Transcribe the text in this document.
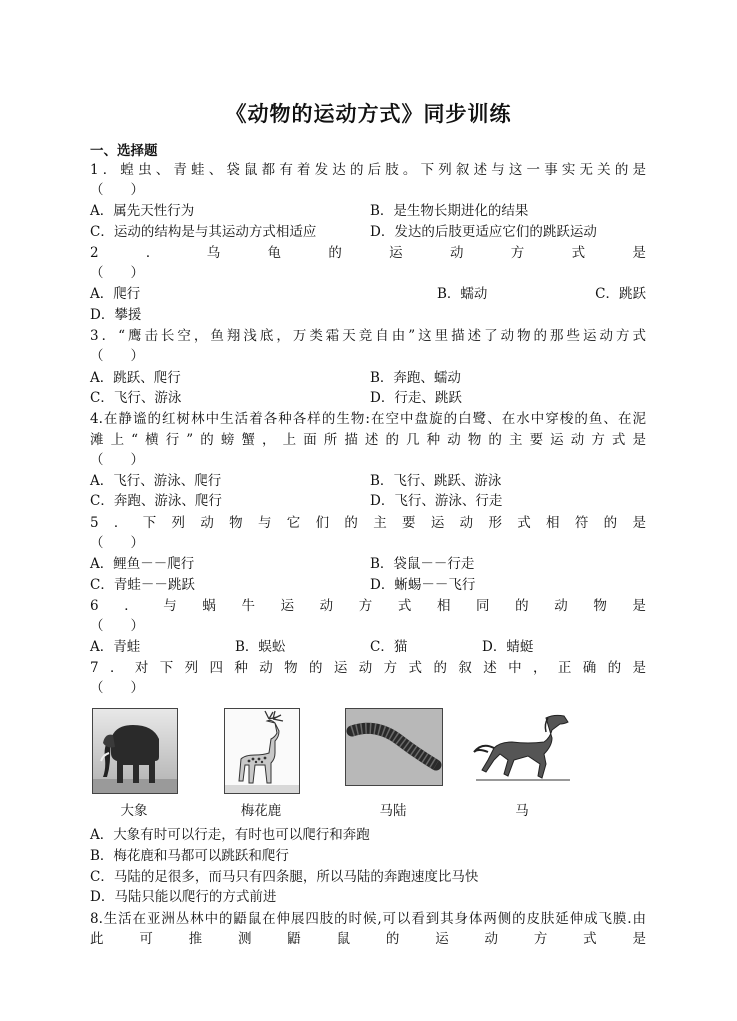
《动物的运动方式》同步训练
一、选择题
1．蝗虫、青蛙、袋鼠都有着发达的后肢。下列叙述与这一事实无关的是
（　　）
A．属先天性行为	B．是生物长期进化的结果
C．运动的结构是与其运动方式相适应	D．发达的后肢更适应它们的跳跃运动
2	．	乌	龟	的	运	动	方	式	是
（　　）
A．爬行	B．蠕动	C．跳跃
D．攀援
3．“鹰击长空，鱼翔浅底，万类霜天竞自由”这里描述了动物的那些运动方式
（　　）
A．跳跃、爬行	B．奔跑、蠕动
C．飞行、游泳	D．行走、跳跃
4.在静谧的红树林中生活着各种各样的生物:在空中盘旋的白鹭、在水中穿梭的鱼、在泥
滩上“横行”的螃蟹，上面所描述的几种动物的主要运动方式是
（　　）
A．飞行、游泳、爬行	B．飞行、跳跃、游泳
C．奔跑、游泳、爬行	D．飞行、游泳、行走
5．下列动物与它们的主要运动形式相符的是
（　　）
A．鲤鱼－－爬行	B．袋鼠－－行走
C．青蛙－－跳跃	D．蜥蜴－－飞行
6 ． 与 蜗 牛 运 动 方 式 相 同 的 动 物 是
（　　）
A．青蛙	B．蜈蚣	C．猫	D．蜻蜓
7．对下列四种动物的运动方式的叙述中，正确的是
（　　）
大象	梅花鹿	马陆	马
A．大象有时可以行走，有时也可以爬行和奔跑
B．梅花鹿和马都可以跳跃和爬行
C．马陆的足很多，而马只有四条腿，所以马陆的奔跑速度比马快
D．马陆只能以爬行的方式前进
8.生活在亚洲丛林中的鼯鼠在伸展四肢的时候,可以看到其身体两侧的皮肤延伸成飞膜.由
此	可	推	测	鼯	鼠	的	运	动	方	式	是
